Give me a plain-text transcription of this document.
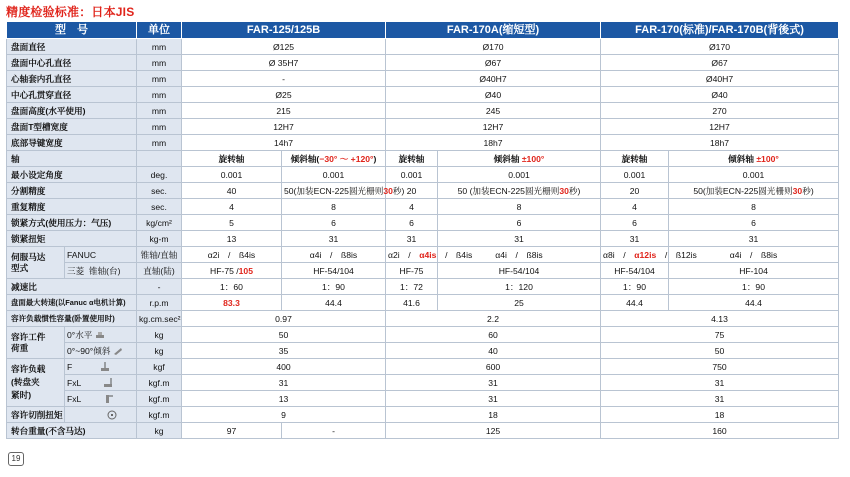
精度检验标准：日本JIS
型　号		单位	FAR-125/125B		FAR-170A(缩短型)		FAR-170(标准)/FAR-170B(背後式)	
盘面直径		mm	Ø125		Ø170		Ø170	
盘面中心孔直径		mm	Ø 35H7		Ø67		Ø67	
心轴套内孔直径		mm	-		Ø40H7		Ø40H7	
中心孔贯穿直径		mm	Ø25		Ø40		Ø40	
盘面高度(水平使用)		mm	215		245		270	
盘面T型槽宽度		mm	12H7		12H7		12H7	
底部导键宽度		mm	14h7		18h7		18h7	
轴			旋转轴	倾斜轴(−30° ～ +120°)	旋转轴	倾斜轴 ±100°	旋转轴	倾斜轴 ±100°
最小设定角度		deg.	0.001	0.001	0.001	0.001	0.001	0.001
分割精度		sec.	40	50(加装ECN-225圆光栅则30秒)	20	50 (加装ECN-225圆光栅则30秒)	20	50(加装ECN-225圆光栅则30秒)
重复精度		sec.	4	8	4	8	4	8
锁紧方式(使用压力：气压)		kg/cm²	5	6	6	6	6	6
锁紧扭矩		kg-m	13	31	31	31	31	31
伺服马达
型式	FANUC	锥轴/直轴	α2i　/　ß4is	α4i　/　ß8is	α2i　/　α4is　/　ß4is	α4i　/　ß8is	α8i　/　α12is　/　ß12is	α4i　/　ß8is
	三菱 锥轴(台)	直轴(陆)	HF-75 /105	HF-54/104	HF-75	HF-54/104	HF-54/104	HF-104
减速比		-	1：60	1：90	1：72	1：120	1：90	1：90
盘面最大转速(以Fanuc α电机计算)		r.p.m	83.3	44.4	41.6	25	44.4	44.4
容许负载惯性容量(卧置使用时)		kg.cm.sec²	0.97		2.2		4.13	
容许工件
荷重	0°水平	kg	50		60		75	
	0°~90°倾斜	kg	35		40		50	
容许负载
(转盘夹
紧时)	F	kgf	400		600		750	
	FxL	kgf.m	31		31		31	
	FxL	kgf.m	13		31		31	
容许切削扭矩		kgf.m	9		18		18	
转台重量(不含马达)		kg	97	-	125		160	
19
